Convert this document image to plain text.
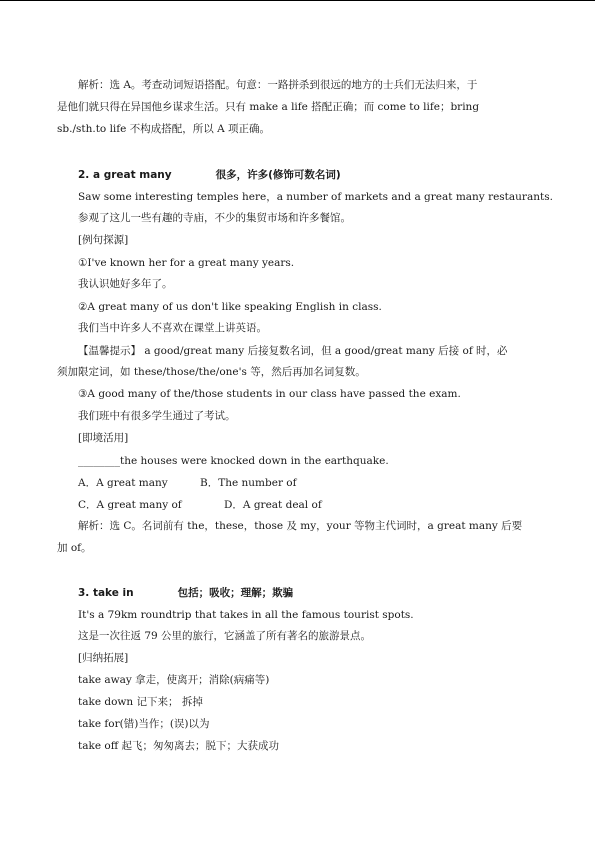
解析：选 A。考查动词短语搭配。句意：一路拼杀到很远的地方的士兵们无法归来，于
是他们就只得在异国他乡谋求生活。只有 make a life 搭配正确；而 come to life；bring
sb./sth.to life 不构成搭配，所以 A 项正确。
2. a great many	很多，许多(修饰可数名词)
Saw some interesting temples here，a number of markets and a great many restaurants.
参观了这儿一些有趣的寺庙，不少的集贸市场和许多餐馆。
[例句探源]
①I've known her for a great many years.
我认识她好多年了。
②A great many of us don't like speaking English in class.
我们当中许多人不喜欢在课堂上讲英语。
【温馨提示】 a good/great many 后接复数名词，但 a good/great many 后接 of 时，必
须加限定词，如 these/those/the/one's 等，然后再加名词复数。
③A good many of the/those students in our class have passed the exam.
我们班中有很多学生通过了考试。
[即境活用]
________the houses were knocked down in the earthquake.
A．A great many	B．The number of
C．A great many of	D．A great deal of
解析：选 C。名词前有 the，these，those 及 my，your 等物主代词时，a great many 后要
加 of。
3. take in	包括；吸收；理解；欺骗
It's a 79km roundtrip that takes in all the famous tourist spots.
这是一次往返 79 公里的旅行，它涵盖了所有著名的旅游景点。
[归纳拓展]
take away 拿走，使离开；消除(病痛等)
take down 记下来； 拆掉
take for(错)当作；(误)以为
take off 起飞；匆匆离去；脱下；大获成功
